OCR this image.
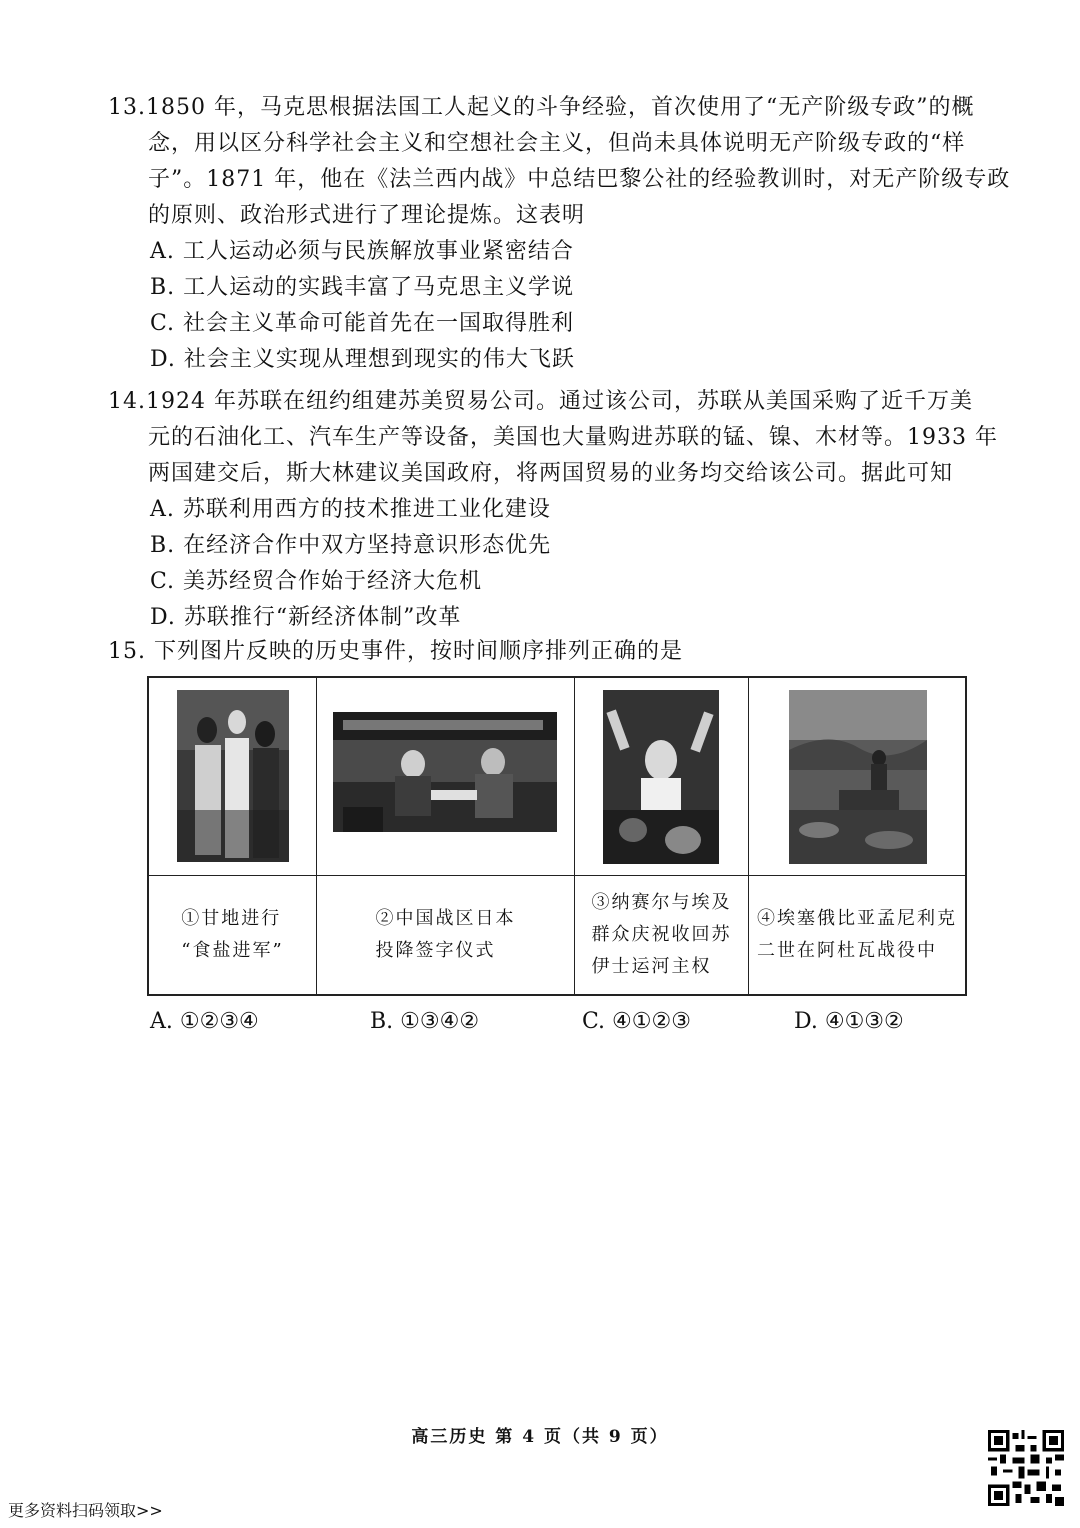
13.1850 年，马克思根据法国工人起义的斗争经验，首次使用了“无产阶级专政”的概
念，用以区分科学社会主义和空想社会主义，但尚未具体说明无产阶级专政的“样
子”。1871 年，他在《法兰西内战》中总结巴黎公社的经验教训时，对无产阶级专政
的原则、政治形式进行了理论提炼。这表明
A. 工人运动必须与民族解放事业紧密结合
B. 工人运动的实践丰富了马克思主义学说
C. 社会主义革命可能首先在一国取得胜利
D. 社会主义实现从理想到现实的伟大飞跃
14.1924 年苏联在纽约组建苏美贸易公司。通过该公司，苏联从美国采购了近千万美
元的石油化工、汽车生产等设备，美国也大量购进苏联的锰、镍、木材等。1933 年
两国建交后，斯大林建议美国政府，将两国贸易的业务均交给该公司。据此可知
A. 苏联利用西方的技术推进工业化建设
B. 在经济合作中双方坚持意识形态优先
C. 美苏经贸合作始于经济大危机
D. 苏联推行“新经济体制”改革
15. 下列图片反映的历史事件，按时间顺序排列正确的是
①甘地进行
“食盐进军”
②中国战区日本
投降签字仪式
③纳赛尔与埃及
群众庆祝收回苏
伊士运河主权
④埃塞俄比亚孟尼利克
二世在阿杜瓦战役中
A. ①②③④	B. ①③④②	C. ④①②③	D. ④①③②
高三历史 第 4 页（共 9 页）
更多资料扫码领取>>
